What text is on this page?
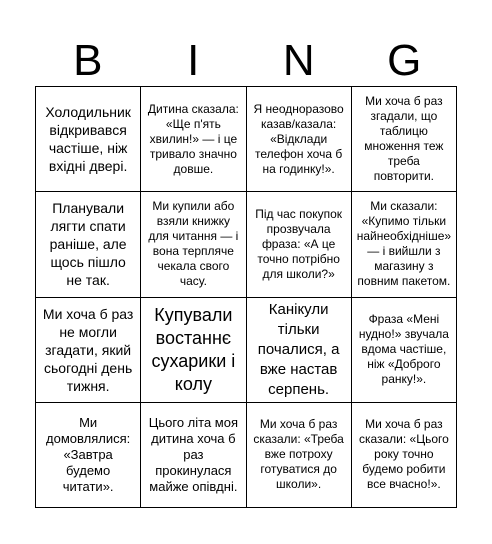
B	I	N	G
Холодильник відкривався частіше, ніж вхідні двері.
Дитина сказала: «Ще п'ять хвилин!» — і це тривало значно довше.
Я неодноразово казав/казала: «Відклади телефон хоча б на годинку!».
Ми хоча б раз згадали, що таблицю множення теж треба повторити.
Планували лягти спати раніше, але щось пішло не так.
Ми купили або взяли книжку для читання — і вона терпляче чекала свого часу.
Під час покупок прозвучала фраза: «А це точно потрібно для школи?»
Ми сказали: «Купимо тільки найнеобхідніше» — і вийшли з магазину з повним пакетом.
Ми хоча б раз не могли згадати, який сьогодні день тижня.
Купували востаннє сухарики і колу
Канікули тільки почалися, а вже настав серпень.
Фраза «Мені нудно!» звучала вдома частіше, ніж «Доброго ранку!».
Ми домовлялися: «Завтра будемо читати».
Цього літа моя дитина хоча б раз прокинулася майже опівдні.
Ми хоча б раз сказали: «Треба вже потроху готуватися до школи».
Ми хоча б раз сказали: «Цього року точно будемо робити все вчасно!».
